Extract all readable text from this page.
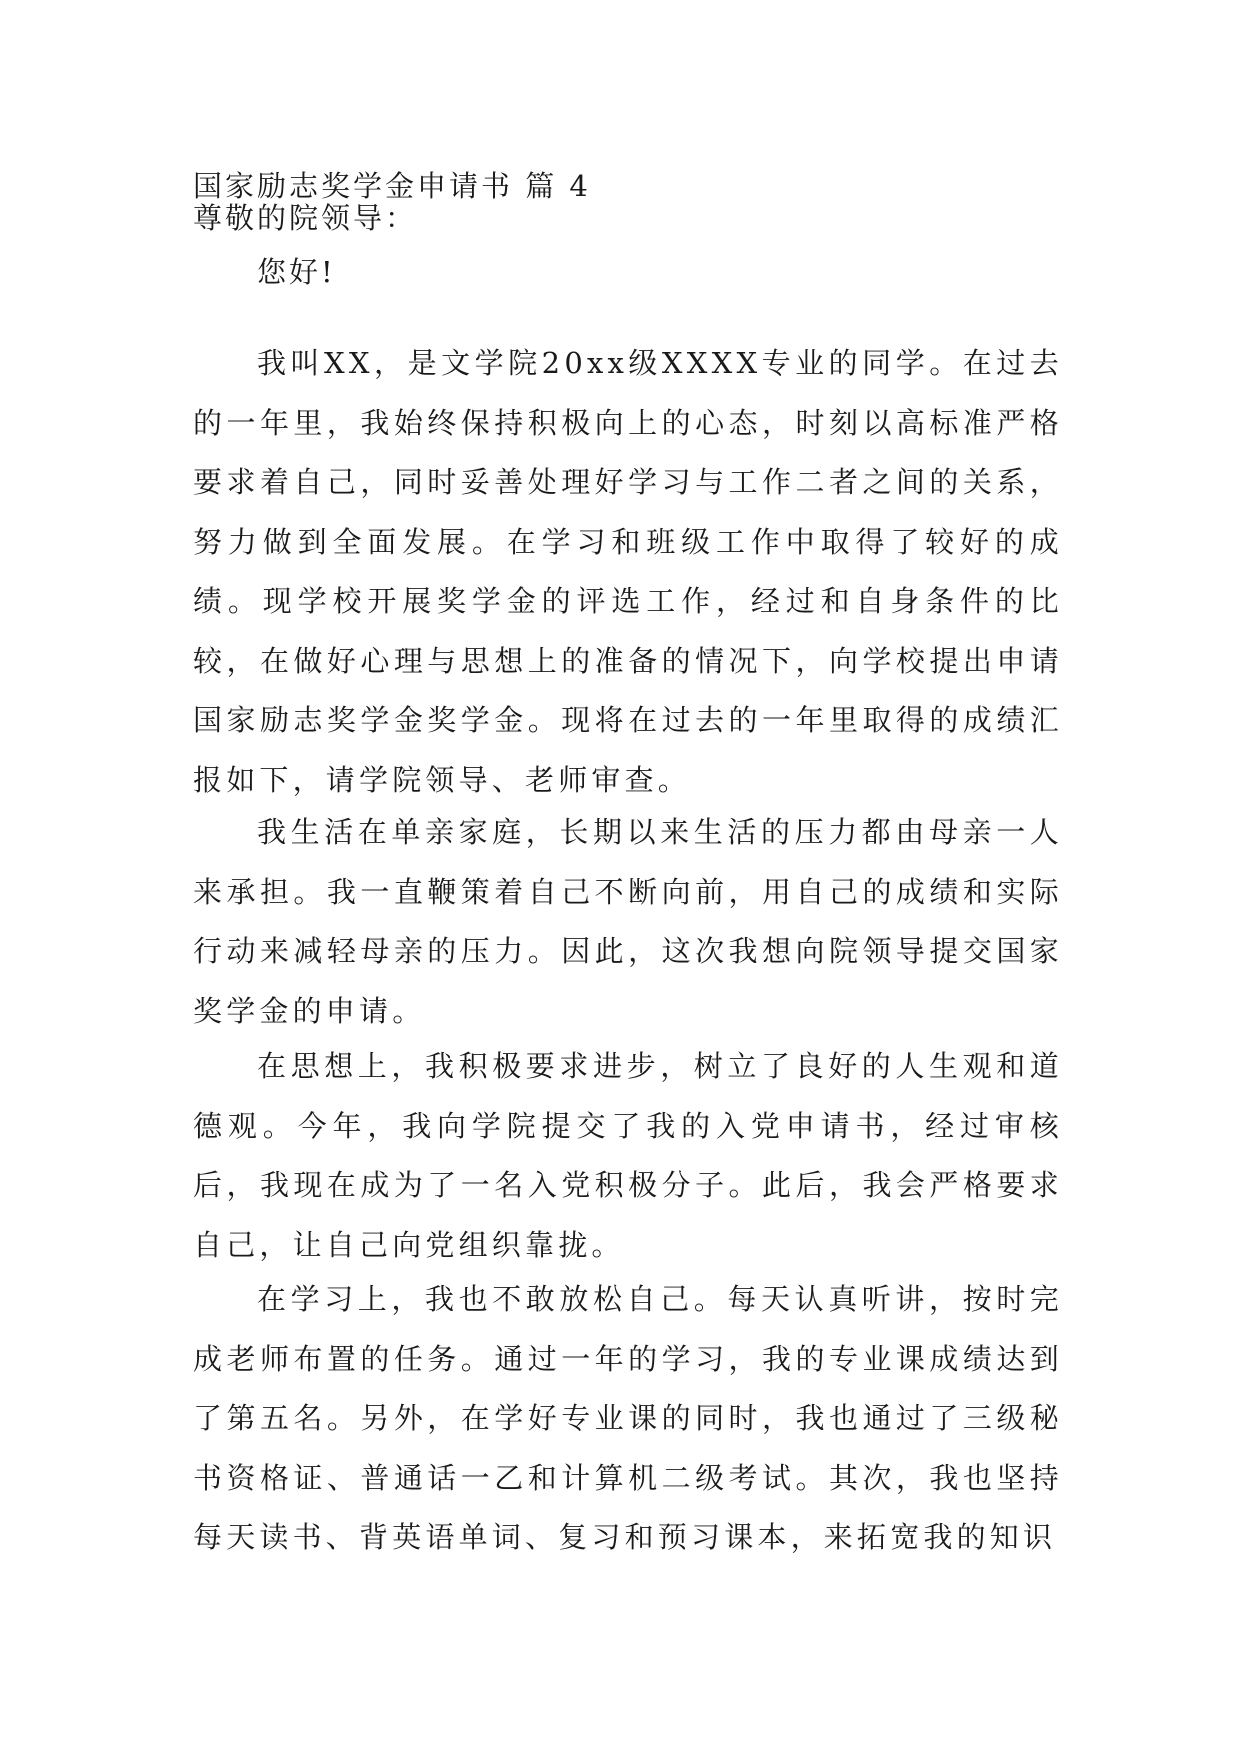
国家励志奖学金申请书 篇 4
尊敬的院领导：
您好!

我叫XX，是文学院20xx级XXXX专业的同学。在过去的一年里，我始终保持积极向上的心态，时刻以高标准严格要求着自己，同时妥善处理好学习与工作二者之间的关系，努力做到全面发展。在学习和班级工作中取得了较好的成绩。现学校开展奖学金的评选工作，经过和自身条件的比较，在做好心理与思想上的准备的情况下，向学校提出申请国家励志奖学金奖学金。现将在过去的一年里取得的成绩汇报如下，请学院领导、老师审查。

我生活在单亲家庭，长期以来生活的压力都由母亲一人来承担。我一直鞭策着自己不断向前，用自己的成绩和实际行动来减轻母亲的压力。因此，这次我想向院领导提交国家奖学金的申请。

在思想上，我积极要求进步，树立了良好的人生观和道德观。今年，我向学院提交了我的入党申请书，经过审核后，我现在成为了一名入党积极分子。此后，我会严格要求自己，让自己向党组织靠拢。

在学习上，我也不敢放松自己。每天认真听讲，按时完成老师布置的任务。通过一年的学习，我的专业课成绩达到了第五名。另外，在学好专业课的同时，我也通过了三级秘书资格证、普通话一乙和计算机二级考试。其次，我也坚持每天读书、背英语单词、复习和预习课本，来拓宽我的知识
